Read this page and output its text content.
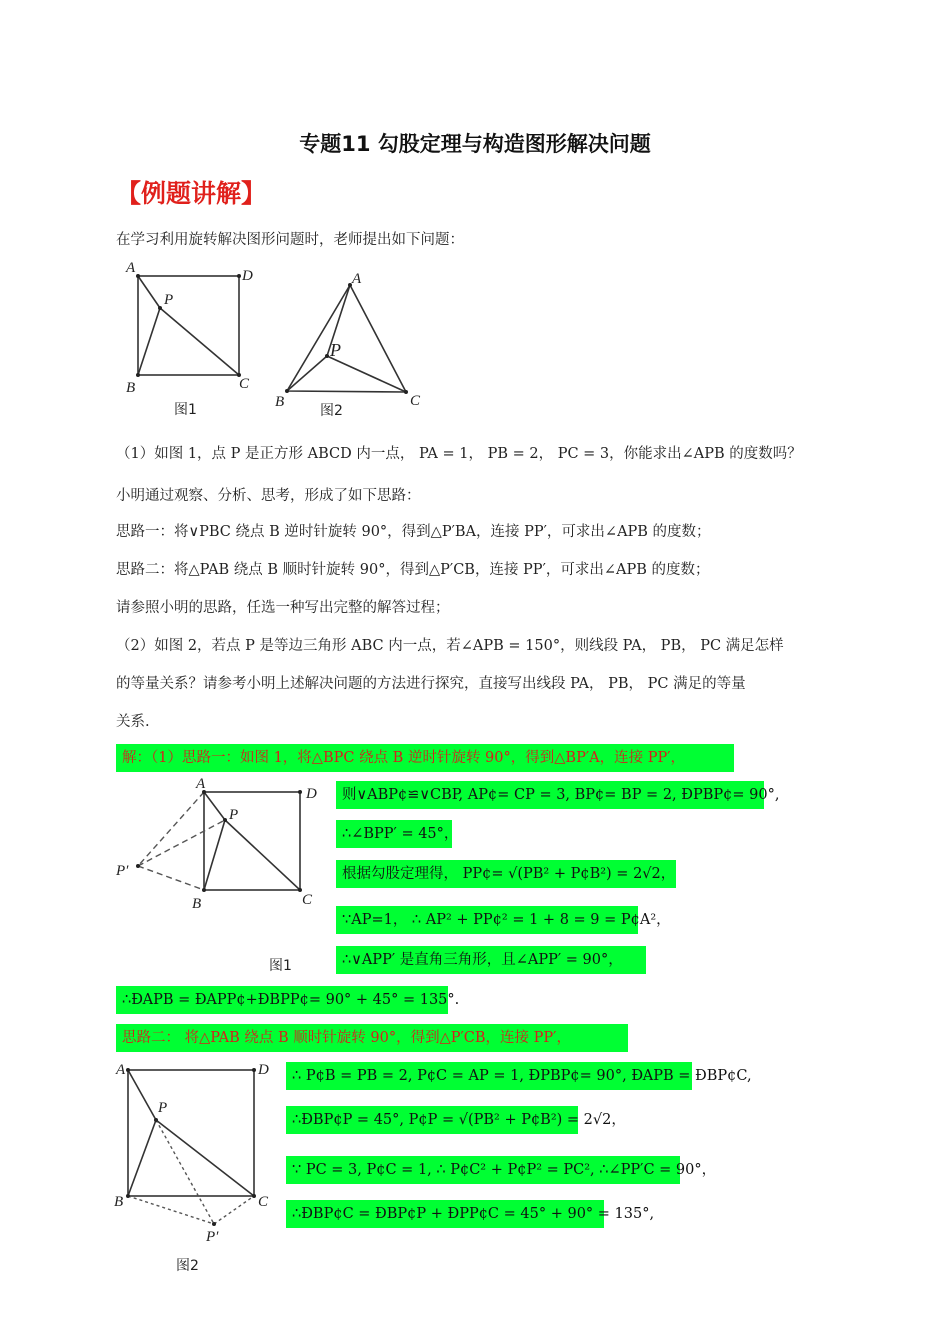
专题11 勾股定理与构造图形解决问题
【例题讲解】
在学习利用旋转解决图形问题时，老师提出如下问题：
A	D
P
B	C
图1
A
P
B	C
图2
（1）如图 1，点 P 是正方形 ABCD 内一点， PA = 1， PB = 2， PC = 3，你能求出∠APB 的度数吗？
小明通过观察、分析、思考，形成了如下思路：
思路一：将∨PBC 绕点 B 逆时针旋转 90°，得到△P′BA，连接 PP′，可求出∠APB 的度数；
思路二：将△PAB 绕点 B 顺时针旋转 90°，得到△P′CB，连接 PP′，可求出∠APB 的度数；
请参照小明的思路，任选一种写出完整的解答过程；
（2）如图 2，若点 P 是等边三角形 ABC 内一点，若∠APB = 150°，则线段 PA， PB， PC 满足怎样
的等量关系？请参考小明上述解决问题的方法进行探究，直接写出线段 PA， PB， PC 满足的等量
关系.
解：（1）思路一：如图 1，将△BPC 绕点 B 逆时针旋转 90°，得到△BP′A，连接 PP′，
A
D
P
P′
B	C
图1
则∨ABP¢≌∨CBP, AP¢= CP = 3, BP¢= BP = 2, ÐPBP¢= 90°,
∴∠BPP′ = 45°，
根据勾股定理得， PP¢= √(PB² + P¢B²) = 2√2，
∵AP=1， ∴ AP² + PP¢² = 1 + 8 = 9 = P¢A²，
∴∨APP′ 是直角三角形，且∠APP′ = 90°，
∴ÐAPB = ÐAPP¢+ÐBPP¢= 90° + 45° = 135°.
思路二： 将△PAB 绕点 B 顺时针旋转 90°，得到△P′CB，连接 PP′，
A	D
P
B	C
P′
图2
∴ P¢B = PB = 2, P¢C = AP = 1, ÐPBP¢= 90°, ÐAPB = ÐBP¢C,
∴ÐBP¢P = 45°, P¢P = √(PB² + P¢B²) = 2√2，
∵ PC = 3, P¢C = 1, ∴ P¢C² + P¢P² = PC², ∴∠PP′C = 90°，
∴ÐBP¢C = ÐBP¢P + ÐPP¢C = 45° + 90° = 135°,
